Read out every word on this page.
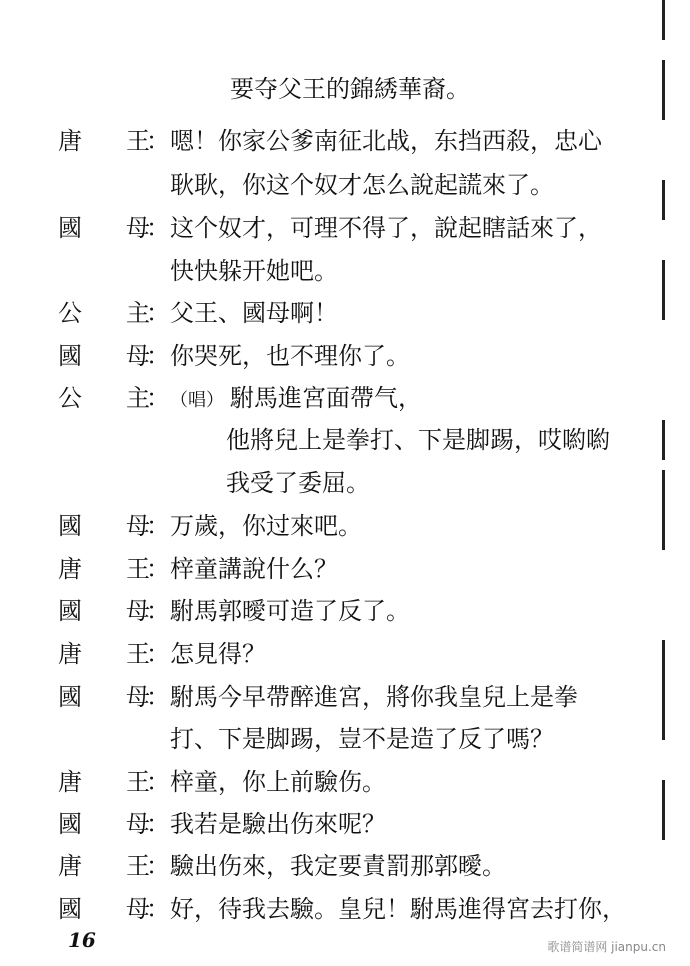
要夺父王的錦綉華裔。
唐 王
： 嗯！你家公爹南征北战，东挡西殺，忠心
耿耿，你这个奴才怎么說起謊來了。
國 母
： 这个奴才，可理不得了，說起瞎話來了，
快快躲开她吧。
公 主
： 父王、國母啊！
國 母
： 你哭死，也不理你了。
公 主
： （唱） 駙馬進宮面帶气，
他將兒上是拳打、下是脚踢，哎喲喲
我受了委屈。
國 母
： 万歲，你过來吧。
唐 王
： 梓童講說什么？
國 母
： 駙馬郭曖可造了反了。
唐 王
： 怎見得？
國 母
： 駙馬今早帶醉進宮，將你我皇兒上是拳
打、下是脚踢，豈不是造了反了嗎？
唐 王
： 梓童，你上前驗伤。
國 母
： 我若是驗出伤來呢？
唐 王
： 驗出伤來，我定要責罰那郭曖。
國 母
： 好，待我去驗。皇兒！駙馬進得宮去打你，
16	歌谱简谱网 jianpu.cn
